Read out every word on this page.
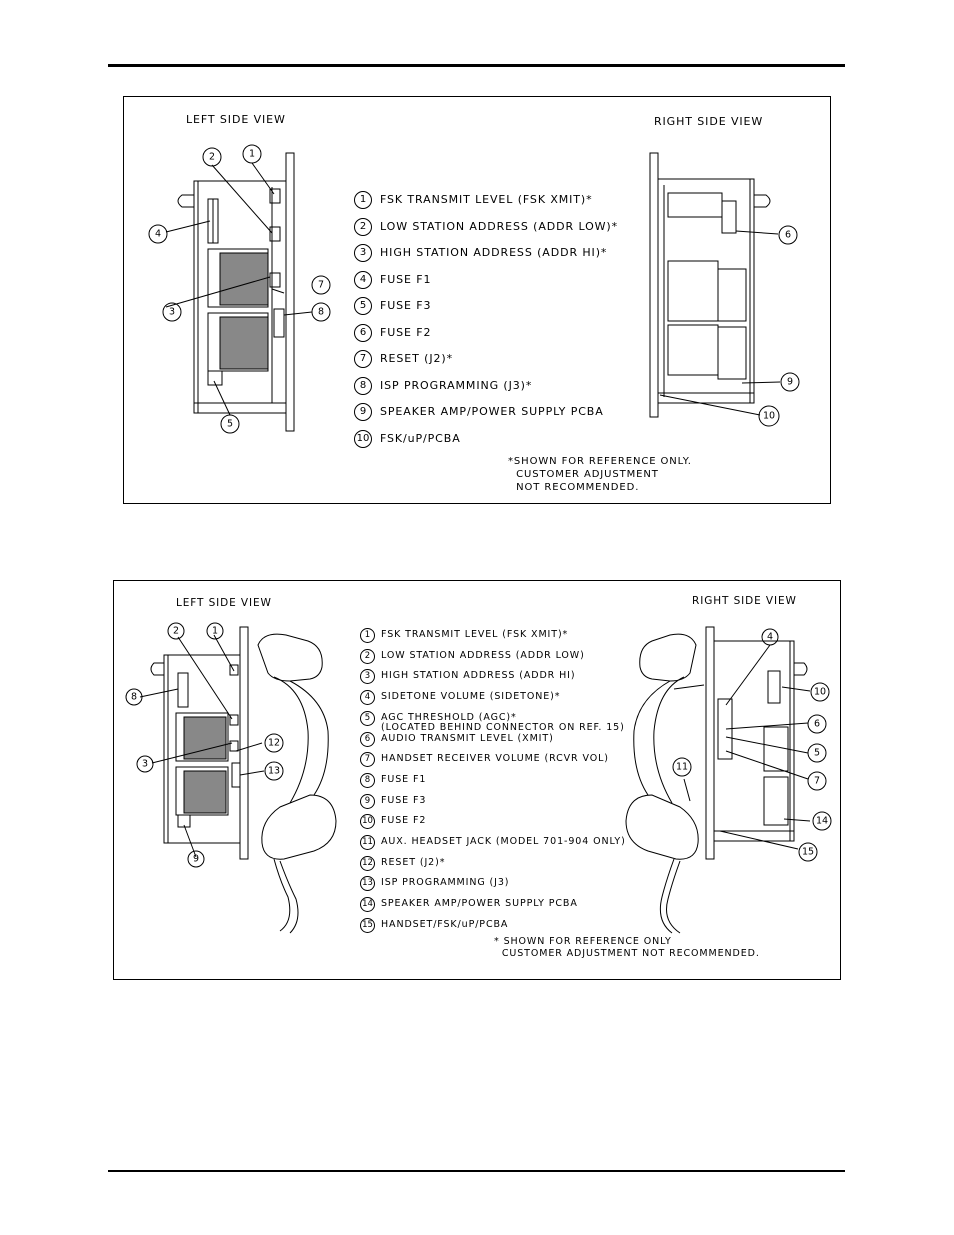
1
2
3
4
5
7
8
6
9
10
LEFT SIDE VIEW	RIGHT SIDE VIEW
1	FSK TRANSMIT LEVEL (FSK XMIT)*
2	LOW STATION ADDRESS (ADDR LOW)*
3	HIGH STATION ADDRESS (ADDR HI)*
4	FUSE F1
5	FUSE F3
6	FUSE F2
7	RESET (J2)*
8	ISP PROGRAMMING (J3)*
9	SPEAKER AMP/POWER SUPPLY PCBA
10 FSK/uP/PCBA
*SHOWN FOR REFERENCE ONLY.
CUSTOMER ADJUSTMENT
NOT RECOMMENDED.
1
2
3
8
9
12
13
4
5
6
7
10
11
14
15
LEFT SIDE VIEW	RIGHT SIDE VIEW
1	FSK TRANSMIT LEVEL (FSK XMIT)*
2	LOW STATION ADDRESS (ADDR LOW)
3	HIGH STATION ADDRESS (ADDR HI)
4	SIDETONE VOLUME (SIDETONE)*
5	AGC THRESHOLD (AGC)*
(LOCATED BEHIND CONNECTOR ON REF. 15)
6	AUDIO TRANSMIT LEVEL (XMIT)
7	HANDSET RECEIVER VOLUME (RCVR VOL)
8	FUSE F1
9	FUSE F3
10 FUSE F2
11 AUX. HEADSET JACK (MODEL 701-904 ONLY)
12 RESET (J2)*
13 ISP PROGRAMMING (J3)
14 SPEAKER AMP/POWER SUPPLY PCBA
15 HANDSET/FSK/uP/PCBA
* SHOWN FOR REFERENCE ONLY
CUSTOMER ADJUSTMENT NOT RECOMMENDED.
